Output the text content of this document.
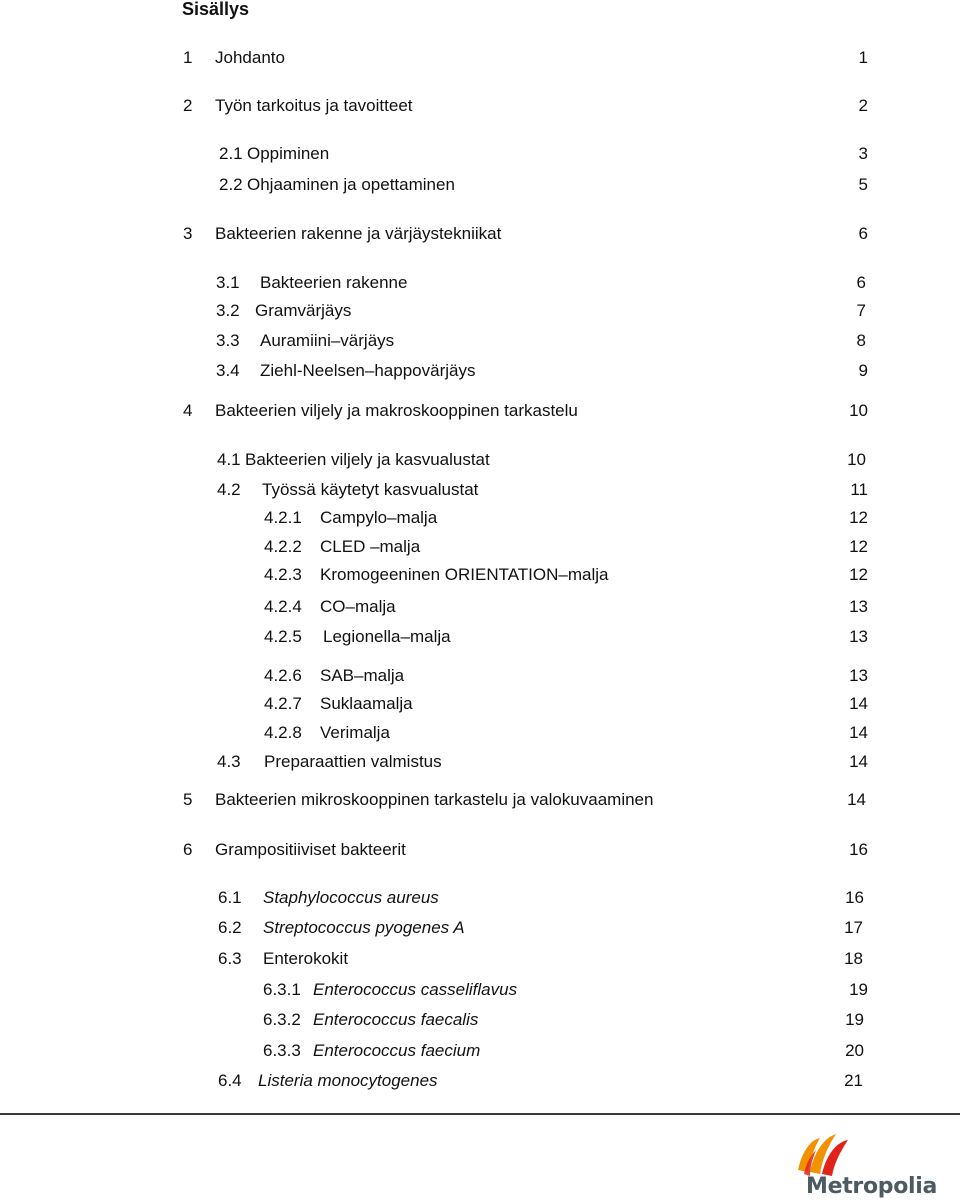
Sisällys
1 Johdanto	1
2 Työn tarkoitus ja tavoitteet	2
2.1 Oppiminen	3
2.2 Ohjaaminen ja opettaminen	5
3 Bakteerien rakenne ja värjäystekniikat	6
3.1 Bakteerien rakenne	6
3.2 Gramvärjäys	7
3.3 Auramiini–värjäys	8
3.4 Ziehl-Neelsen–happovärjäys	9
4 Bakteerien viljely ja makroskooppinen tarkastelu	10
4.1 Bakteerien viljely ja kasvualustat	10
4.2 Työssä käytetyt kasvualustat	11
4.2.1 Campylo–malja	12
4.2.2 CLED –malja	12
4.2.3 Kromogeeninen ORIENTATION–malja	12
4.2.4 CO–malja	13
4.2.5 Legionella–malja	13
4.2.6 SAB–malja	13
4.2.7 Suklaamalja	14
4.2.8 Verimalja	14
4.3 Preparaattien valmistus	14
5 Bakteerien mikroskooppinen tarkastelu ja valokuvaaminen	14
6 Grampositiiviset bakteerit	16
6.1 Staphylococcus aureus	16
6.2 Streptococcus pyogenes A	17
6.3 Enterokokit	18
6.3.1 Enterococcus casseliflavus	19
6.3.2 Enterococcus faecalis	19
6.3.3 Enterococcus faecium	20
6.4 Listeria monocytogenes	21
Metropolia
